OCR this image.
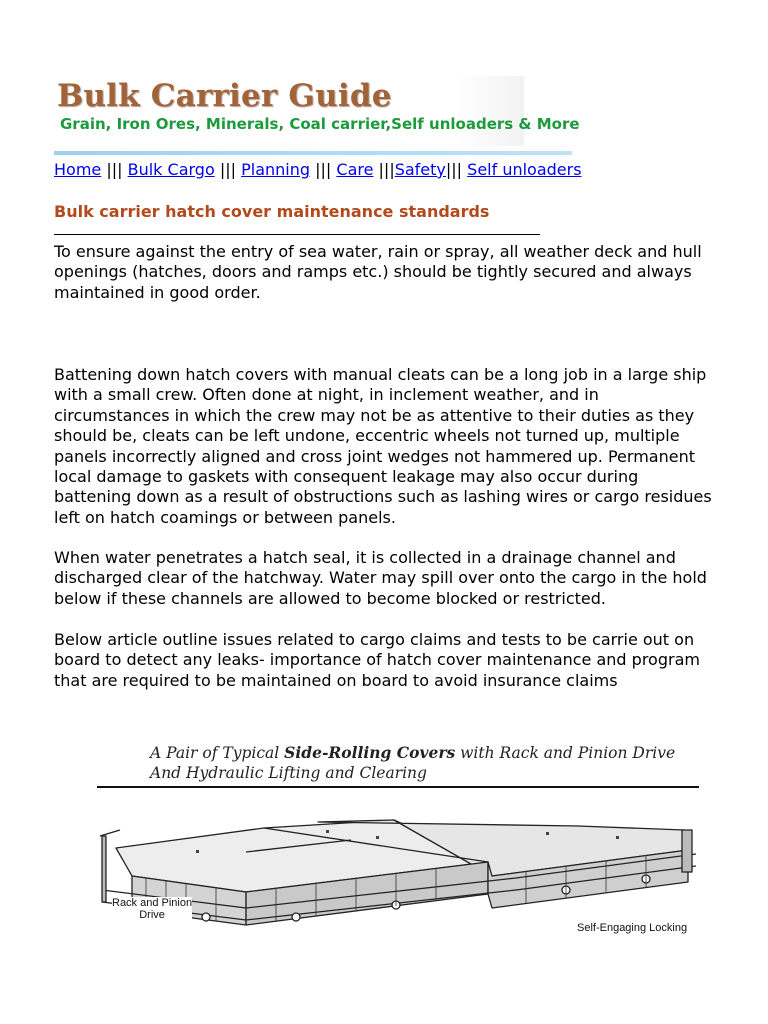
Bulk Carrier Guide
Grain, Iron Ores, Minerals, Coal carrier,Self unloaders & More
Home ||| Bulk Cargo ||| Planning ||| Care |||Safety||| Self unloaders
Bulk carrier hatch cover maintenance standards

To ensure against the entry of sea water, rain or spray, all weather deck and hull openings (hatches, doors and ramps etc.) should be tightly secured and always maintained in good order.

Battening down hatch covers with manual cleats can be a long job in a large ship with a small crew. Often done at night, in inclement weather, and in circumstances in which the crew may not be as attentive to their duties as they should be, cleats can be left undone, eccentric wheels not turned up, multiple panels incorrectly aligned and cross joint wedges not hammered up. Permanent local damage to gaskets with consequent leakage may also occur during battening down as a result of obstructions such as lashing wires or cargo residues left on hatch coamings or between panels.

When water penetrates a hatch seal, it is collected in a drainage channel and discharged clear of the hatchway. Water may spill over onto the cargo in the hold below if these channels are allowed to become blocked or restricted.

Below article outline issues related to cargo claims and tests to be carrie out on board to detect any leaks- importance of hatch cover maintenance and program that are required to be maintained on board to avoid insurance claims

A Pair of Typical Side-Rolling Covers with Rack and Pinion Drive
And Hydraulic Lifting and Clearing
Rack and Pinion
Drive
Self-Engaging Locking
